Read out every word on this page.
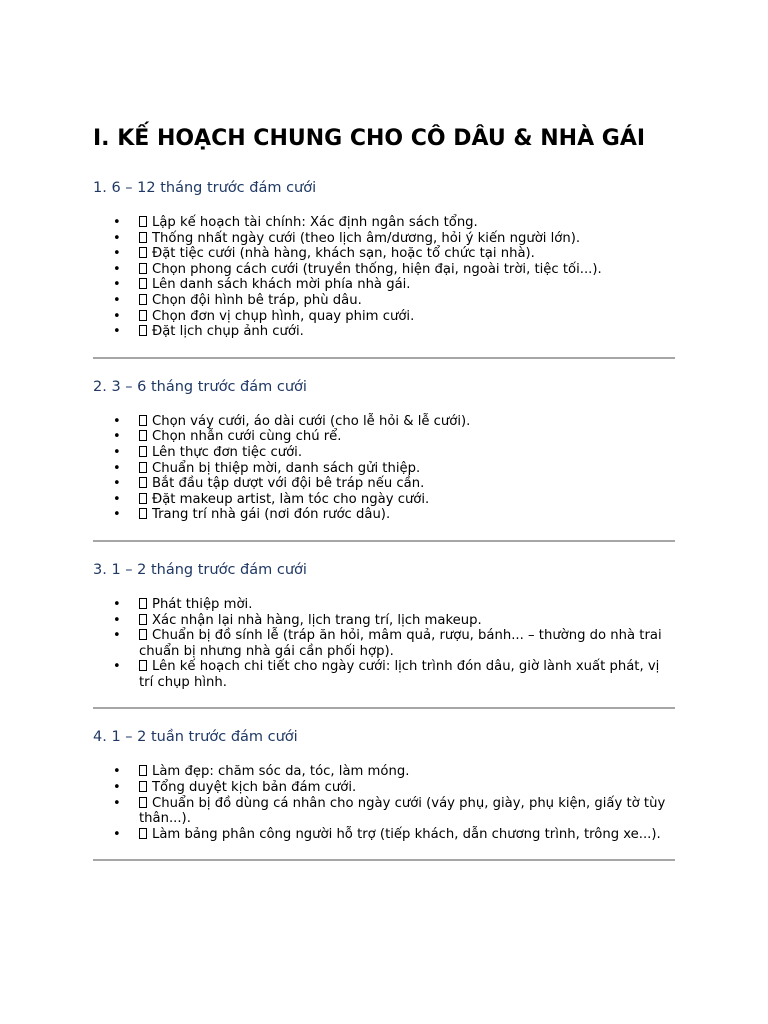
I. KẾ HOẠCH CHUNG CHO CÔ DÂU & NHÀ GÁI
1. 6 – 12 tháng trước đám cưới
• Lập kế hoạch tài chính: Xác định ngân sách tổng.
• Thống nhất ngày cưới (theo lịch âm/dương, hỏi ý kiến người lớn).
• Đặt tiệc cưới (nhà hàng, khách sạn, hoặc tổ chức tại nhà).
• Chọn phong cách cưới (truyền thống, hiện đại, ngoài trời, tiệc tối...).
• Lên danh sách khách mời phía nhà gái.
• Chọn đội hình bê tráp, phù dâu.
• Chọn đơn vị chụp hình, quay phim cưới.
• Đặt lịch chụp ảnh cưới.
2. 3 – 6 tháng trước đám cưới
• Chọn váy cưới, áo dài cưới (cho lễ hỏi & lễ cưới).
• Chọn nhẫn cưới cùng chú rể.
• Lên thực đơn tiệc cưới.
• Chuẩn bị thiệp mời, danh sách gửi thiệp.
• Bắt đầu tập dượt với đội bê tráp nếu cần.
• Đặt makeup artist, làm tóc cho ngày cưới.
• Trang trí nhà gái (nơi đón rước dâu).
3. 1 – 2 tháng trước đám cưới
• Phát thiệp mời.
• Xác nhận lại nhà hàng, lịch trang trí, lịch makeup.
• Chuẩn bị đồ sính lễ (tráp ăn hỏi, mâm quả, rượu, bánh... – thường do nhà trai chuẩn bị nhưng nhà gái cần phối hợp).
• Lên kế hoạch chi tiết cho ngày cưới: lịch trình đón dâu, giờ lành xuất phát, vị trí chụp hình.
4. 1 – 2 tuần trước đám cưới
• Làm đẹp: chăm sóc da, tóc, làm móng.
• Tổng duyệt kịch bản đám cưới.
• Chuẩn bị đồ dùng cá nhân cho ngày cưới (váy phụ, giày, phụ kiện, giấy tờ tùy thân...).
• Làm bảng phân công người hỗ trợ (tiếp khách, dẫn chương trình, trông xe...).
